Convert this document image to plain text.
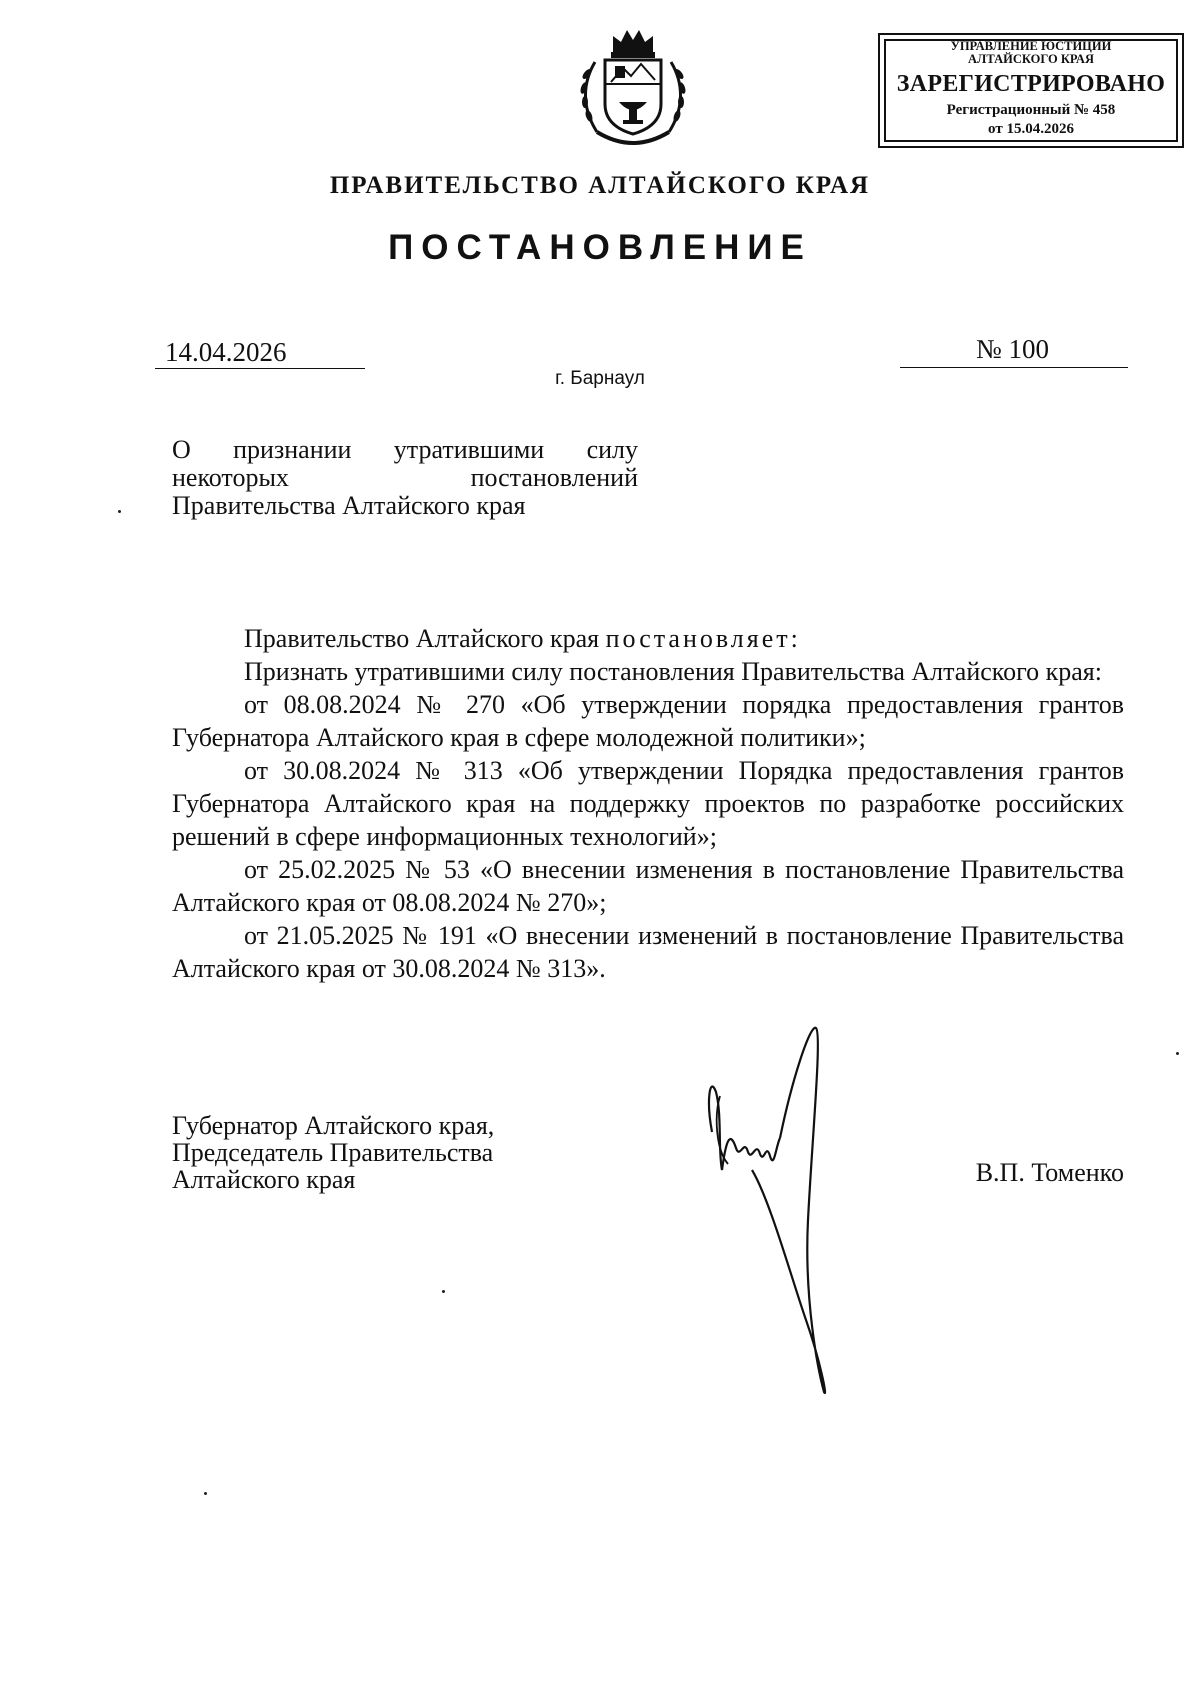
УПРАВЛЕНИЕ ЮСТИЦИИ
АЛТАЙСКОГО КРАЯ
ЗАРЕГИСТРИРОВАНО
Регистрационный № 458
от 15.04.2026
ПРАВИТЕЛЬСТВО АЛТАЙСКОГО КРАЯ
ПОСТАНОВЛЕНИЕ
14.04.2026	№ 100
г. Барнаул
О признании утратившими силу
некоторых постановлений
Правительства Алтайского края

Правительство Алтайского края постановляет:

Признать утратившими силу постановления Правительства Алтайского края:

от 08.08.2024 № 270 «Об утверждении порядка предоставления грантов Губернатора Алтайского края в сфере молодежной политики»;

от 30.08.2024 № 313 «Об утверждении Порядка предоставления грантов Губернатора Алтайского края на поддержку проектов по разработке российских решений в сфере информационных технологий»;

от 25.02.2025 № 53 «О внесении изменения в постановление Правительства Алтайского края от 08.08.2024 № 270»;

от 21.05.2025 № 191 «О внесении изменений в постановление Правительства Алтайского края от 30.08.2024 № 313».

Губернатор Алтайского края,
Председатель Правительства
Алтайского края	В.П. Томенко
